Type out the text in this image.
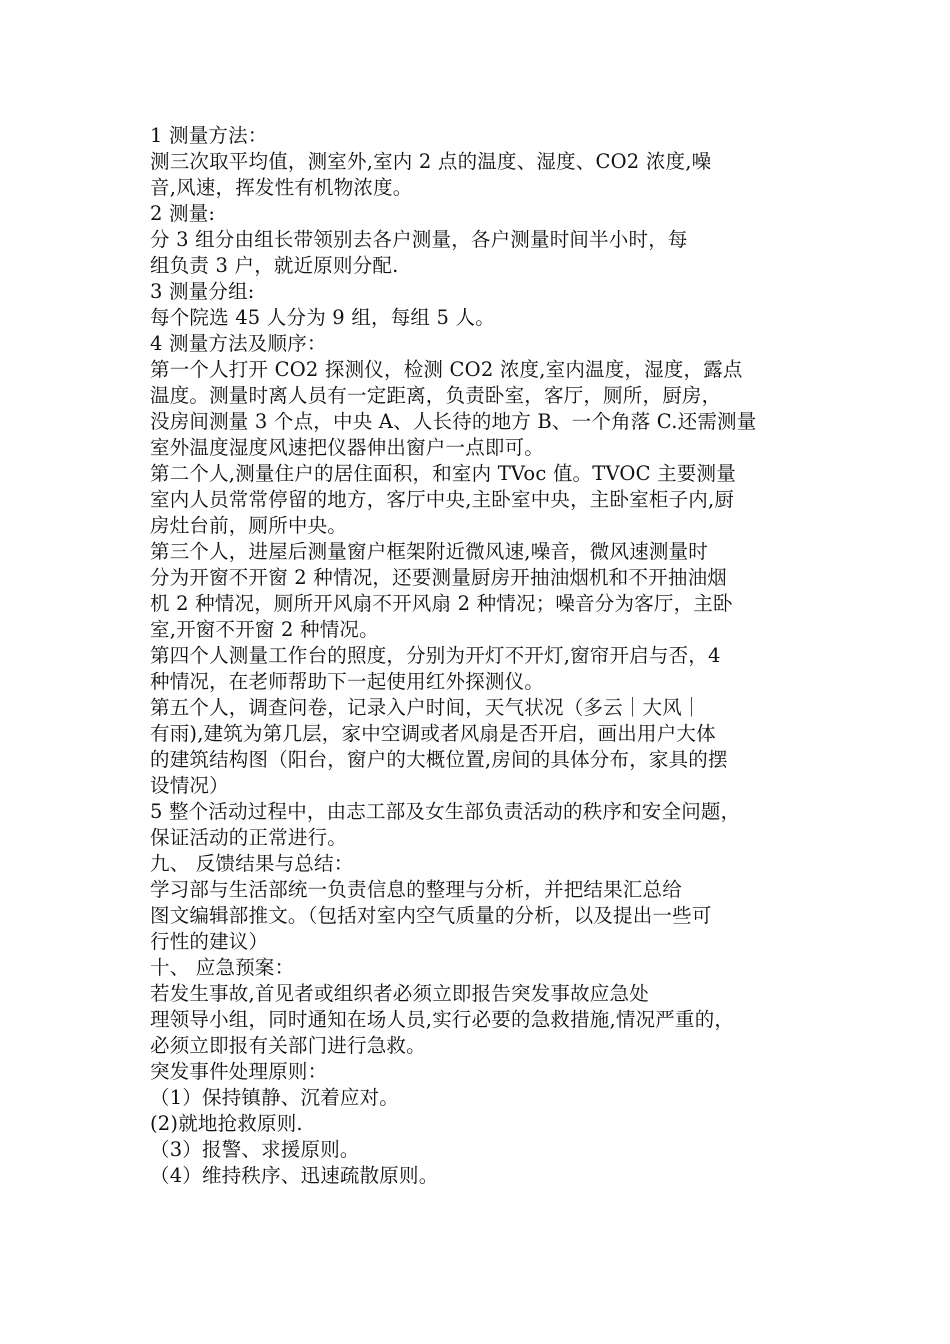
1 测量方法：
测三次取平均值，测室外,室内 2 点的温度、湿度、CO2 浓度,噪
音,风速，挥发性有机物浓度。
2 测量:
分 3 组分由组长带领别去各户测量，各户测量时间半小时，每
组负责 3 户，就近原则分配.
3 测量分组:
每个院选 45 人分为 9 组，每组 5 人。
4 测量方法及顺序：
第一个人打开 CO2 探测仪，检测 CO2 浓度,室内温度，湿度，露点
温度。测量时离人员有一定距离，负责卧室，客厅，厕所，厨房，
没房间测量 3 个点，中央 A、人长待的地方 B、一个角落 C.还需测量
室外温度湿度风速把仪器伸出窗户一点即可。
第二个人,测量住户的居住面积，和室内 TVoc 值。TVOC 主要测量
室内人员常常停留的地方，客厅中央,主卧室中央，主卧室柜子内,厨
房灶台前，厕所中央。
第三个人，进屋后测量窗户框架附近微风速,噪音，微风速测量时
分为开窗不开窗 2 种情况，还要测量厨房开抽油烟机和不开抽油烟
机 2 种情况，厕所开风扇不开风扇 2 种情况；噪音分为客厅，主卧
室,开窗不开窗 2 种情况。
第四个人测量工作台的照度，分别为开灯不开灯,窗帘开启与否，4
种情况，在老师帮助下一起使用红外探测仪。
第五个人，调查问卷，记录入户时间，天气状况（多云｜大风｜
有雨),建筑为第几层，家中空调或者风扇是否开启，画出用户大体
的建筑结构图（阳台，窗户的大概位置,房间的具体分布，家具的摆
设情况）
5 整个活动过程中，由志工部及女生部负责活动的秩序和安全问题，
保证活动的正常进行。
九、 反馈结果与总结：
学习部与生活部统一负责信息的整理与分析，并把结果汇总给
图文编辑部推文。（包括对室内空气质量的分析，以及提出一些可
行性的建议）
十、 应急预案：
若发生事故,首见者或组织者必须立即报告突发事故应急处
理领导小组，同时通知在场人员,实行必要的急救措施,情况严重的，
必须立即报有关部门进行急救。
突发事件处理原则：
（1）保持镇静、沉着应对。
(2)就地抢救原则.
（3）报警、求援原则。
（4）维持秩序、迅速疏散原则。
